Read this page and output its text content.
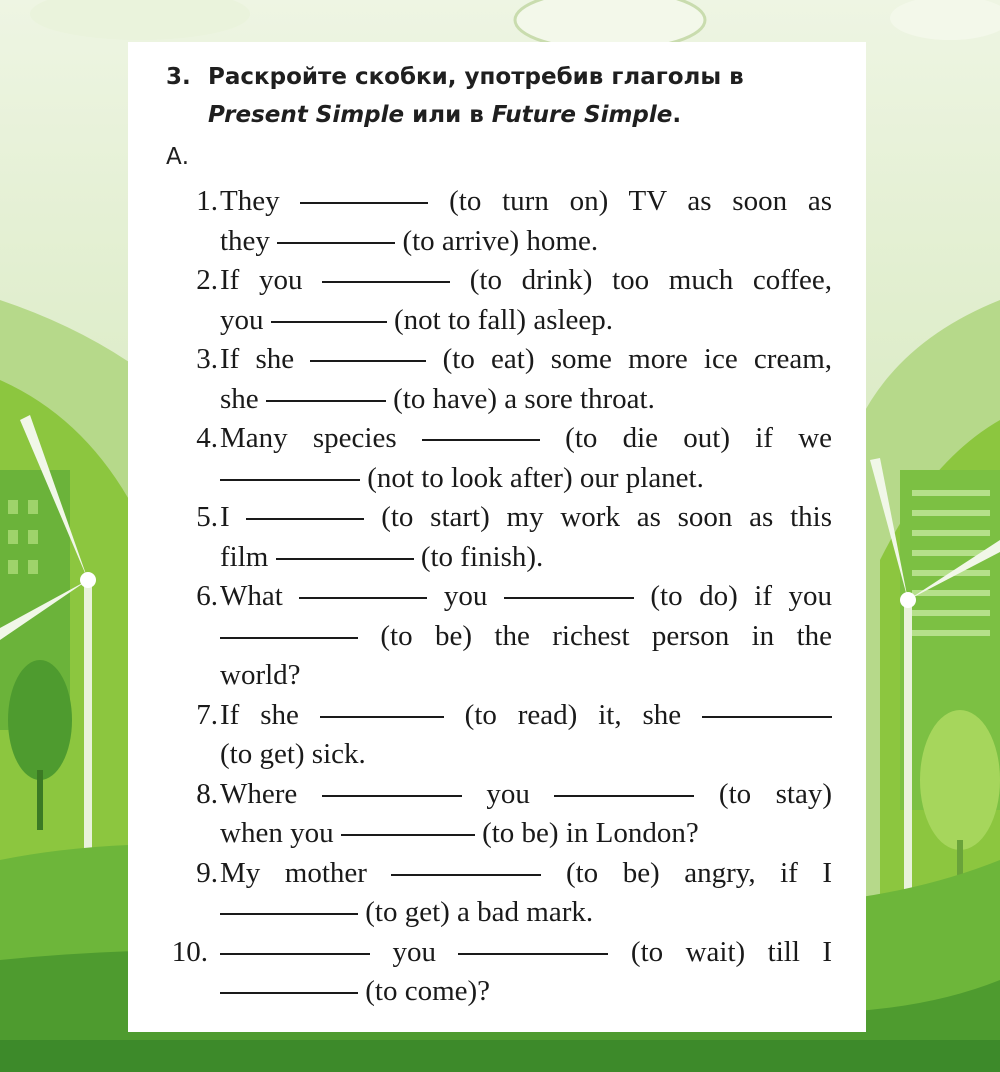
3. Раскройте скобки, употребив глаголы в
Present Simple или в Future Simple.
А.
1. They	(to turn on) TV as soon as
they	(to arrive) home.
2. If you	(to drink) too much coffee,
you	(not to fall) asleep.
3. If she	(to eat) some more ice cream,
she	(to have) a sore throat.
4. Many species	(to die out) if we
(not to look after) our planet.
5. I	(to start) my work as soon as this
film	(to finish).
6. What	you	(to do) if you
(to be) the richest person in the
world?
7. If she	(to read) it, she
(to get) sick.
8. Where	you	(to stay)
when you	(to be) in London?
9. My mother	(to be) angry, if I
(to get) a bad mark.
10.	you	(to wait) till I
(to come)?
